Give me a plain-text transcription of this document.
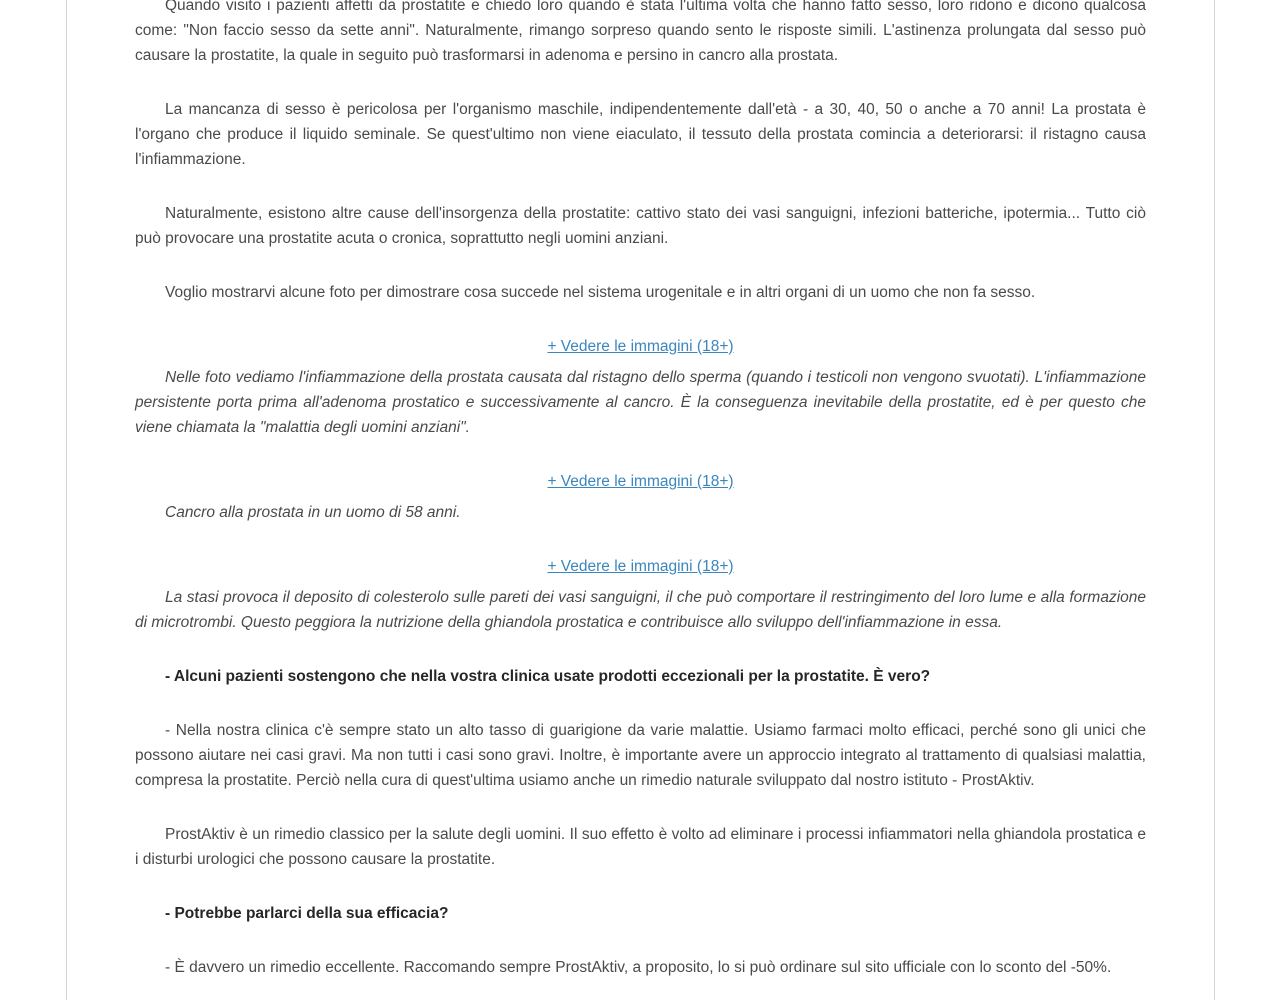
Quando visito i pazienti affetti da prostatite e chiedo loro quando è stata l'ultima volta che hanno fatto sesso, loro ridono e dicono qualcosa come: "Non faccio sesso da sette anni". Naturalmente, rimango sorpreso quando sento le risposte simili. L'astinenza prolungata dal sesso può causare la prostatite, la quale in seguito può trasformarsi in adenoma e persino in cancro alla prostata.

La mancanza di sesso è pericolosa per l'organismo maschile, indipendentemente dall'età - a 30, 40, 50 o anche a 70 anni! La prostata è l'organo che produce il liquido seminale. Se quest'ultimo non viene eiaculato, il tessuto della prostata comincia a deteriorarsi: il ristagno causa l'infiammazione.

Naturalmente, esistono altre cause dell'insorgenza della prostatite: cattivo stato dei vasi sanguigni, infezioni batteriche, ipotermia... Tutto ciò può provocare una prostatite acuta o cronica, soprattutto negli uomini anziani.

Voglio mostrarvi alcune foto per dimostrare cosa succede nel sistema urogenitale e in altri organi di un uomo che non fa sesso.

+ Vedere le immagini (18+)

Nelle foto vediamo l'infiammazione della prostata causata dal ristagno dello sperma (quando i testicoli non vengono svuotati). L'infiammazione persistente porta prima all'adenoma prostatico e successivamente al cancro. È la conseguenza inevitabile della prostatite, ed è per questo che viene chiamata la "malattia degli uomini anziani".

+ Vedere le immagini (18+)

Cancro alla prostata in un uomo di 58 anni.

+ Vedere le immagini (18+)

La stasi provoca il deposito di colesterolo sulle pareti dei vasi sanguigni, il che può comportare il restringimento del loro lume e alla formazione di microtrombi. Questo peggiora la nutrizione della ghiandola prostatica e contribuisce allo sviluppo dell'infiammazione in essa.

- Alcuni pazienti sostengono che nella vostra clinica usate prodotti eccezionali per la prostatite. È vero?

- Nella nostra clinica c'è sempre stato un alto tasso di guarigione da varie malattie. Usiamo farmaci molto efficaci, perché sono gli unici che possono aiutare nei casi gravi. Ma non tutti i casi sono gravi. Inoltre, è importante avere un approccio integrato al trattamento di qualsiasi malattia, compresa la prostatite. Perciò nella cura di quest'ultima usiamo anche un rimedio naturale sviluppato dal nostro istituto - ProstAktiv.

ProstAktiv è un rimedio classico per la salute degli uomini. Il suo effetto è volto ad eliminare i processi infiammatori nella ghiandola prostatica e i disturbi urologici che possono causare la prostatite.

- Potrebbe parlarci della sua efficacia?

- È davvero un rimedio eccellente. Raccomando sempre ProstAktiv, a proposito, lo si può ordinare sul sito ufficiale con lo sconto del -50%.
